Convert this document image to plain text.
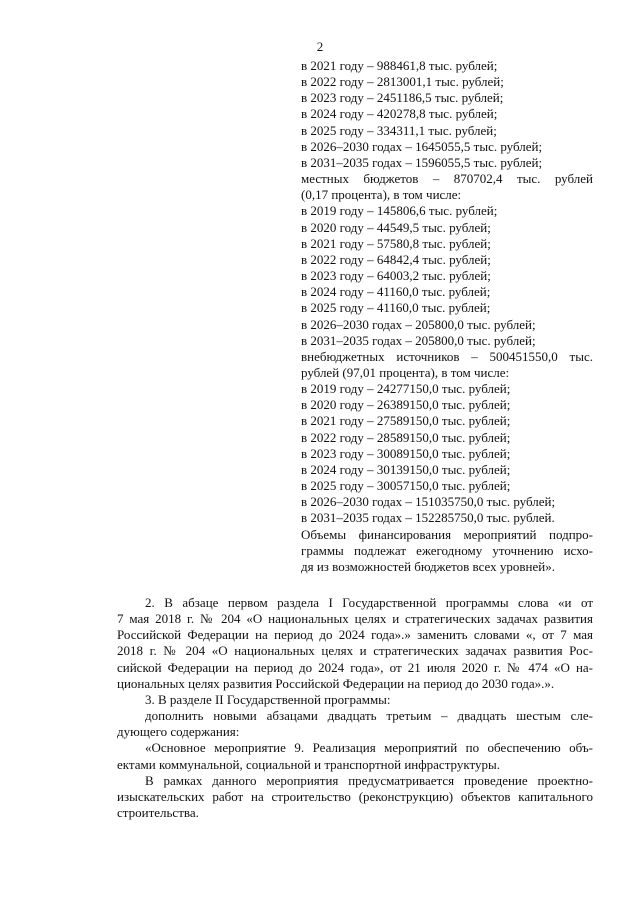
2
в 2021 году – 988461,8 тыс. рублей;
в 2022 году – 2813001,1 тыс. рублей;
в 2023 году – 2451186,5 тыс. рублей;
в 2024 году – 420278,8 тыс. рублей;
в 2025 году – 334311,1 тыс. рублей;
в 2026–2030 годах – 1645055,5 тыс. рублей;
в 2031–2035 годах – 1596055,5 тыс. рублей;
местных бюджетов – 870702,4 тыс. рублей
(0,17 процента), в том числе:
в 2019 году – 145806,6 тыс. рублей;
в 2020 году – 44549,5 тыс. рублей;
в 2021 году – 57580,8 тыс. рублей;
в 2022 году – 64842,4 тыс. рублей;
в 2023 году – 64003,2 тыс. рублей;
в 2024 году – 41160,0 тыс. рублей;
в 2025 году – 41160,0 тыс. рублей;
в 2026–2030 годах – 205800,0 тыс. рублей;
в 2031–2035 годах – 205800,0 тыс. рублей;
внебюджетных источников – 500451550,0 тыс.
рублей (97,01 процента), в том числе:
в 2019 году – 24277150,0 тыс. рублей;
в 2020 году – 26389150,0 тыс. рублей;
в 2021 году – 27589150,0 тыс. рублей;
в 2022 году – 28589150,0 тыс. рублей;
в 2023 году – 30089150,0 тыс. рублей;
в 2024 году – 30139150,0 тыс. рублей;
в 2025 году – 30057150,0 тыс. рублей;
в 2026–2030 годах – 151035750,0 тыс. рублей;
в 2031–2035 годах – 152285750,0 тыс. рублей.
Объемы финансирования мероприятий подпро-
граммы подлежат ежегодному уточнению исхо-
дя из возможностей бюджетов всех уровней».
2. В абзаце первом раздела I Государственной программы слова «и от
7 мая 2018 г. № 204 «О национальных целях и стратегических задачах развития
Российской Федерации на период до 2024 года».» заменить словами «, от 7 мая
2018 г. № 204 «О национальных целях и стратегических задачах развития Рос-
сийской Федерации на период до 2024 года», от 21 июля 2020 г. № 474 «О на-
циональных целях развития Российской Федерации на период до 2030 года».».
3. В разделе II Государственной программы:
дополнить новыми абзацами двадцать третьим – двадцать шестым сле-
дующего содержания:
«Основное мероприятие 9. Реализация мероприятий по обеспечению объ-
ектами коммунальной, социальной и транспортной инфраструктуры.
В рамках данного мероприятия предусматривается проведение проектно-
изыскательских работ на строительство (реконструкцию) объектов капитального
строительства.
